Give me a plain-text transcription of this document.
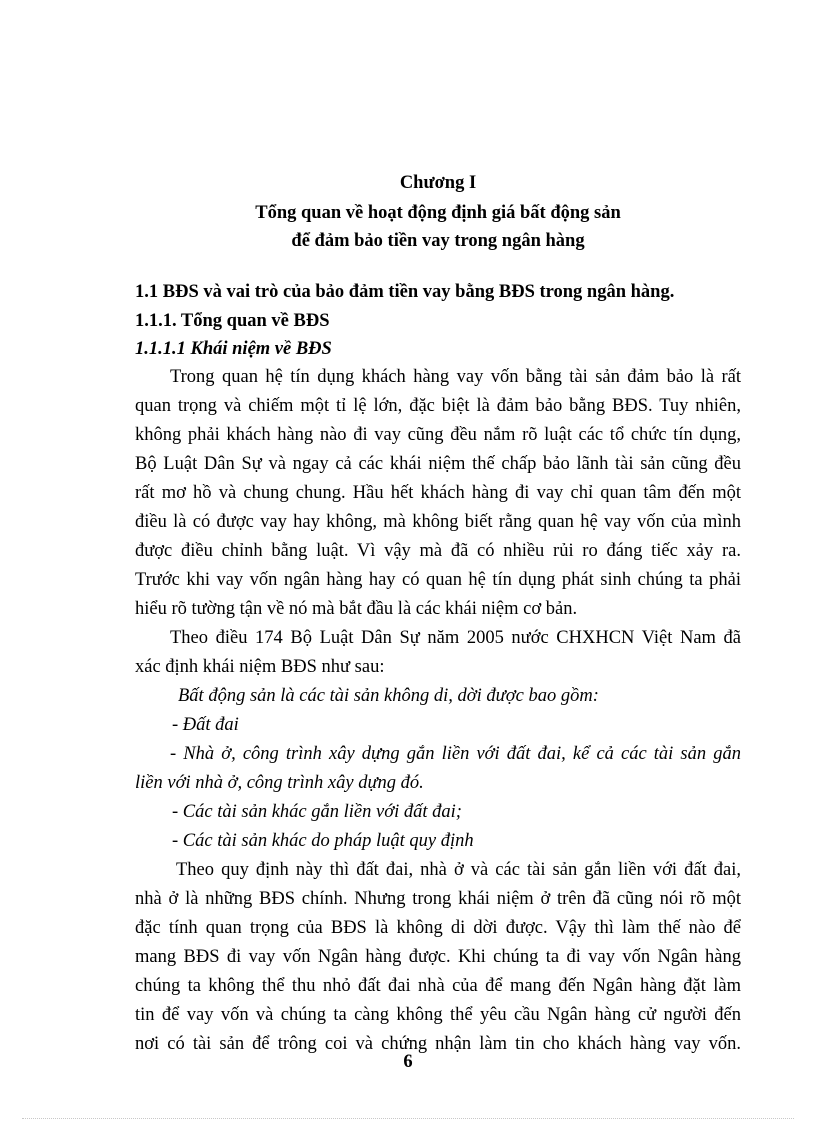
Chương I
Tổng quan về hoạt động định giá bất động sản
để đảm bảo tiền vay trong ngân hàng
1.1 BĐS và vai trò của bảo đảm tiền vay bằng BĐS trong ngân hàng.
1.1.1. Tổng quan về BĐS
1.1.1.1 Khái niệm về BĐS
Trong quan hệ tín dụng khách hàng vay vốn bằng tài sản đảm bảo là rất
quan trọng và chiếm một tỉ lệ lớn, đặc biệt là đảm bảo bằng BĐS. Tuy nhiên,
không phải khách hàng nào đi vay cũng đều nắm rõ luật các tổ chức tín dụng,
Bộ Luật Dân Sự và ngay cả các khái niệm thế chấp bảo lãnh tài sản cũng đều
rất mơ hồ và chung chung. Hầu hết khách hàng đi vay chỉ quan tâm đến một
điều là có được vay hay không, mà không biết rằng quan hệ vay vốn của mình
được điều chỉnh bằng luật. Vì vậy mà đã có nhiều rủi ro đáng tiếc xảy ra.
Trước khi vay vốn ngân hàng hay có quan hệ tín dụng phát sinh chúng ta phải
hiểu rõ tường tận về nó mà bắt đầu là các khái niệm cơ bản.
Theo điều 174 Bộ Luật Dân Sự năm 2005 nước CHXHCN Việt Nam đã
xác định khái niệm BĐS như sau:
Bất động sản là các tài sản không di, dời được bao gồm:
- Đất đai
- Nhà ở, công trình xây dựng gắn liền với đất đai, kể cả các tài sản gắn
liền với nhà ở, công trình xây dựng đó.
- Các tài sản khác gắn liền với đất đai;
- Các tài sản khác do pháp luật quy định
Theo quy định này thì đất đai, nhà ở và các tài sản gắn liền với đất đai,
nhà ở là những BĐS chính. Nhưng trong khái niệm ở trên đã cũng nói rõ một
đặc tính quan trọng của BĐS là không di dời được. Vậy thì làm thế nào để
mang BĐS đi vay vốn Ngân hàng được. Khi chúng ta đi vay vốn Ngân hàng
chúng ta không thể thu nhỏ đất đai nhà của để mang đến Ngân hàng đặt làm
tin để vay vốn và chúng ta càng không thể yêu cầu Ngân hàng cử người đến
nơi có tài sản để trông coi và chứng nhận làm tin cho khách hàng vay vốn.
6
